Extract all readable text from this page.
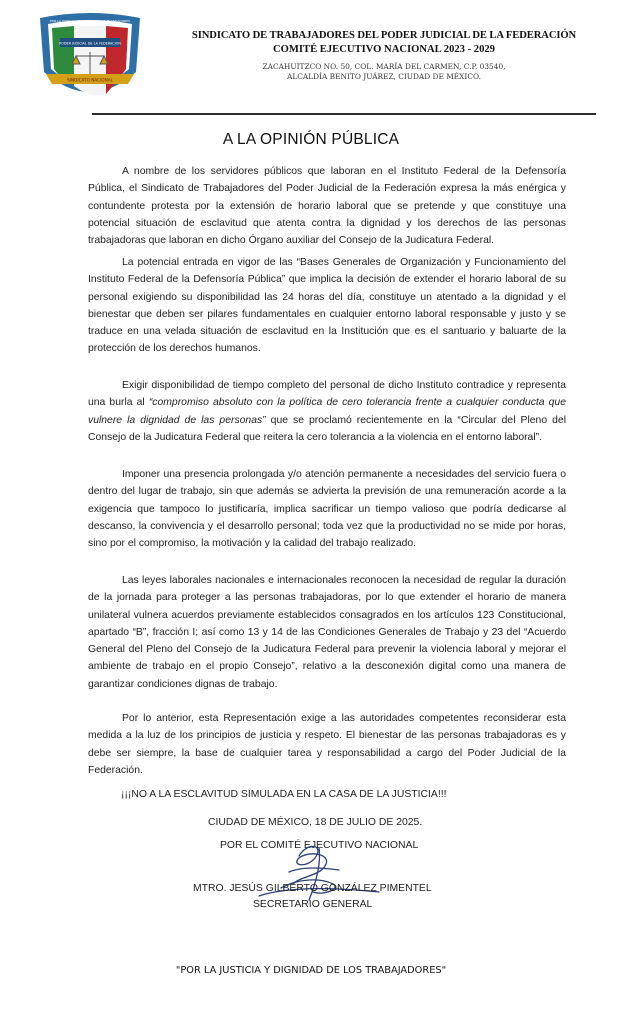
PODER JUDICIAL DE LA FEDERACION
SINDICATO NACIONAL
POR LA JUSTICIA Y DIGNIDAD DE LOS TRABAJADORES
SINDICATO DE TRABAJADORES DEL PODER JUDICIAL DE LA FEDERACIÓN
COMITÉ EJECUTIVO NACIONAL 2023 - 2029
ZACAHUITZCO NO. 50, COL. MARÍA DEL CARMEN, C.P. 03540,
ALCALDÍA BENITO JUÁREZ, CIUDAD DE MÉXICO.
A LA OPINIÓN PÚBLICA

A nombre de los servidores públicos que laboran en el Instituto Federal de la Defensoría Pública, el Sindicato de Trabajadores del Poder Judicial de la Federación expresa la más enérgica y contundente protesta por la extensión de horario laboral que se pretende y que constituye una potencial situación de esclavitud que atenta contra la dignidad y los derechos de las personas trabajadoras que laboran en dicho Órgano auxiliar del Consejo de la Judicatura Federal.

La potencial entrada en vigor de las “Bases Generales de Organización y Funcionamiento del Instituto Federal de la Defensoría Pública” que implica la decisión de extender el horario laboral de su personal exigiendo su disponibilidad las 24 horas del día, constituye un atentado a la dignidad y el bienestar que deben ser pilares fundamentales en cualquier entorno laboral responsable y justo y se traduce en una velada situación de esclavitud en la Institución que es el santuario y baluarte de la protección de los derechos humanos.

Exigir disponibilidad de tiempo completo del personal de dicho Instituto contradice y representa una burla al “compromiso absoluto con la política de cero tolerancia frente a cualquier conducta que vulnere la dignidad de las personas” que se proclamó recientemente en la “Circular del Pleno del Consejo de la Judicatura Federal que reitera la cero tolerancia a la violencia en el entorno laboral”.

Imponer una presencia prolongada y/o atención permanente a necesidades del servicio fuera o dentro del lugar de trabajo, sin que además se advierta la previsión de una remuneración acorde a la exigencia que tampoco lo justificaría, implica sacrificar un tiempo valioso que podría dedicarse al descanso, la convivencia y el desarrollo personal; toda vez que la productividad no se mide por horas, sino por el compromiso, la motivación y la calidad del trabajo realizado.

Las leyes laborales nacionales e internacionales reconocen la necesidad de regular la duración de la jornada para proteger a las personas trabajadoras, por lo que extender el horario de manera unilateral vulnera acuerdos previamente establecidos consagrados en los artículos 123 Constitucional, apartado “B”, fracción I; así como 13 y 14 de las Condiciones Generales de Trabajo y 23 del “Acuerdo General del Pleno del Consejo de la Judicatura Federal para prevenir la violencia laboral y mejorar el ambiente de trabajo en el propio Consejo”, relativo a la desconexión digital como una manera de garantizar condiciones dignas de trabajo.

Por lo anterior, esta Representación exige a las autoridades competentes reconsiderar esta medida a la luz de los principios de justicia y respeto. El bienestar de las personas trabajadoras es y debe ser siempre, la base de cualquier tarea y responsabilidad a cargo del Poder Judicial de la Federación.

¡¡¡NO A LA ESCLAVITUD SIMULADA EN LA CASA DE LA JUSTICIA!!!
CIUDAD DE MÉXICO, 18 DE JULIO DE 2025.
POR EL COMITÉ EJECUTIVO NACIONAL
MTRO. JESÚS GILBERTO GONZÁLEZ PIMENTEL
SECRETARIO GENERAL
"POR LA JUSTICIA Y DIGNIDAD DE LOS TRABAJADORES"
